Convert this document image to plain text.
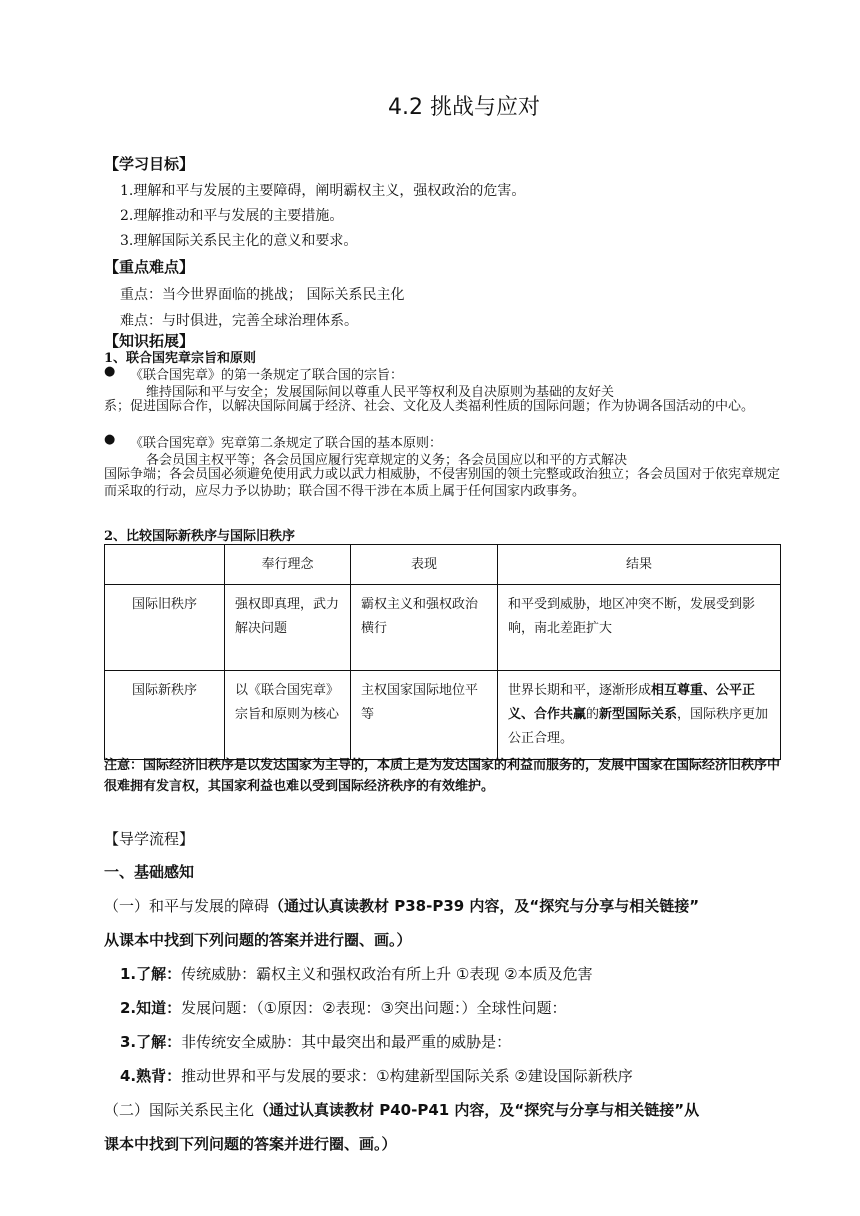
4.2 挑战与应对
【学习目标】
1.理解和平与发展的主要障碍，阐明霸权主义，强权政治的危害。
2.理解推动和平与发展的主要措施。
3.理解国际关系民主化的意义和要求。
【重点难点】
重点：当今世界面临的挑战； 国际关系民主化
难点：与时俱进，完善全球治理体系。
【知识拓展】
1、联合国宪章宗旨和原则
● 《联合国宪章》的第一条规定了联合国的宗旨：
维持国际和平与安全；发展国际间以尊重人民平等权利及自决原则为基础的友好关
系；促进国际合作，以解决国际间属于经济、社会、文化及人类福利性质的国际问题；作为协调各国活动的中心。
● 《联合国宪章》宪章第二条规定了联合国的基本原则：
各会员国主权平等；各会员国应履行宪章规定的义务；各会员国应以和平的方式解决
国际争端；各会员国必须避免使用武力或以武力相威胁，不侵害别国的领土完整或政治独立；各会员国对于依宪章规定而采取的行动，应尽力予以协助；联合国不得干涉在本质上属于任何国家内政事务。
2、比较国际新秩序与国际旧秩序
	奉行理念	表现	结果
国际旧秩序	强权即真理，武力解决问题	霸权主义和强权政治横行	和平受到威胁，地区冲突不断，发展受到影响，南北差距扩大
国际新秩序	以《联合国宪章》宗旨和原则为核心	主权国家国际地位平等	世界长期和平，逐渐形成相互尊重、公平正义、合作共赢的新型国际关系，国际秩序更加公正合理。
注意：国际经济旧秩序是以发达国家为主导的，本质上是为发达国家的利益而服务的，发展中国家在国际经济旧秩序中很难拥有发言权，其国家利益也难以受到国际经济秩序的有效维护。
【导学流程】
一、基础感知
（一）和平与发展的障碍（通过认真读教材 P38-P39 内容，及“探究与分享与相关链接”
从课本中找到下列问题的答案并进行圈、画。）
1.了解：传统威胁：霸权主义和强权政治有所上升 ①表现 ②本质及危害
2.知道：发展问题：（①原因：②表现：③突出问题：）全球性问题：
3.了解：非传统安全威胁：其中最突出和最严重的威胁是：
4.熟背：推动世界和平与发展的要求：①构建新型国际关系 ②建设国际新秩序
（二）国际关系民主化（通过认真读教材 P40-P41 内容，及“探究与分享与相关链接”从
课本中找到下列问题的答案并进行圈、画。）
